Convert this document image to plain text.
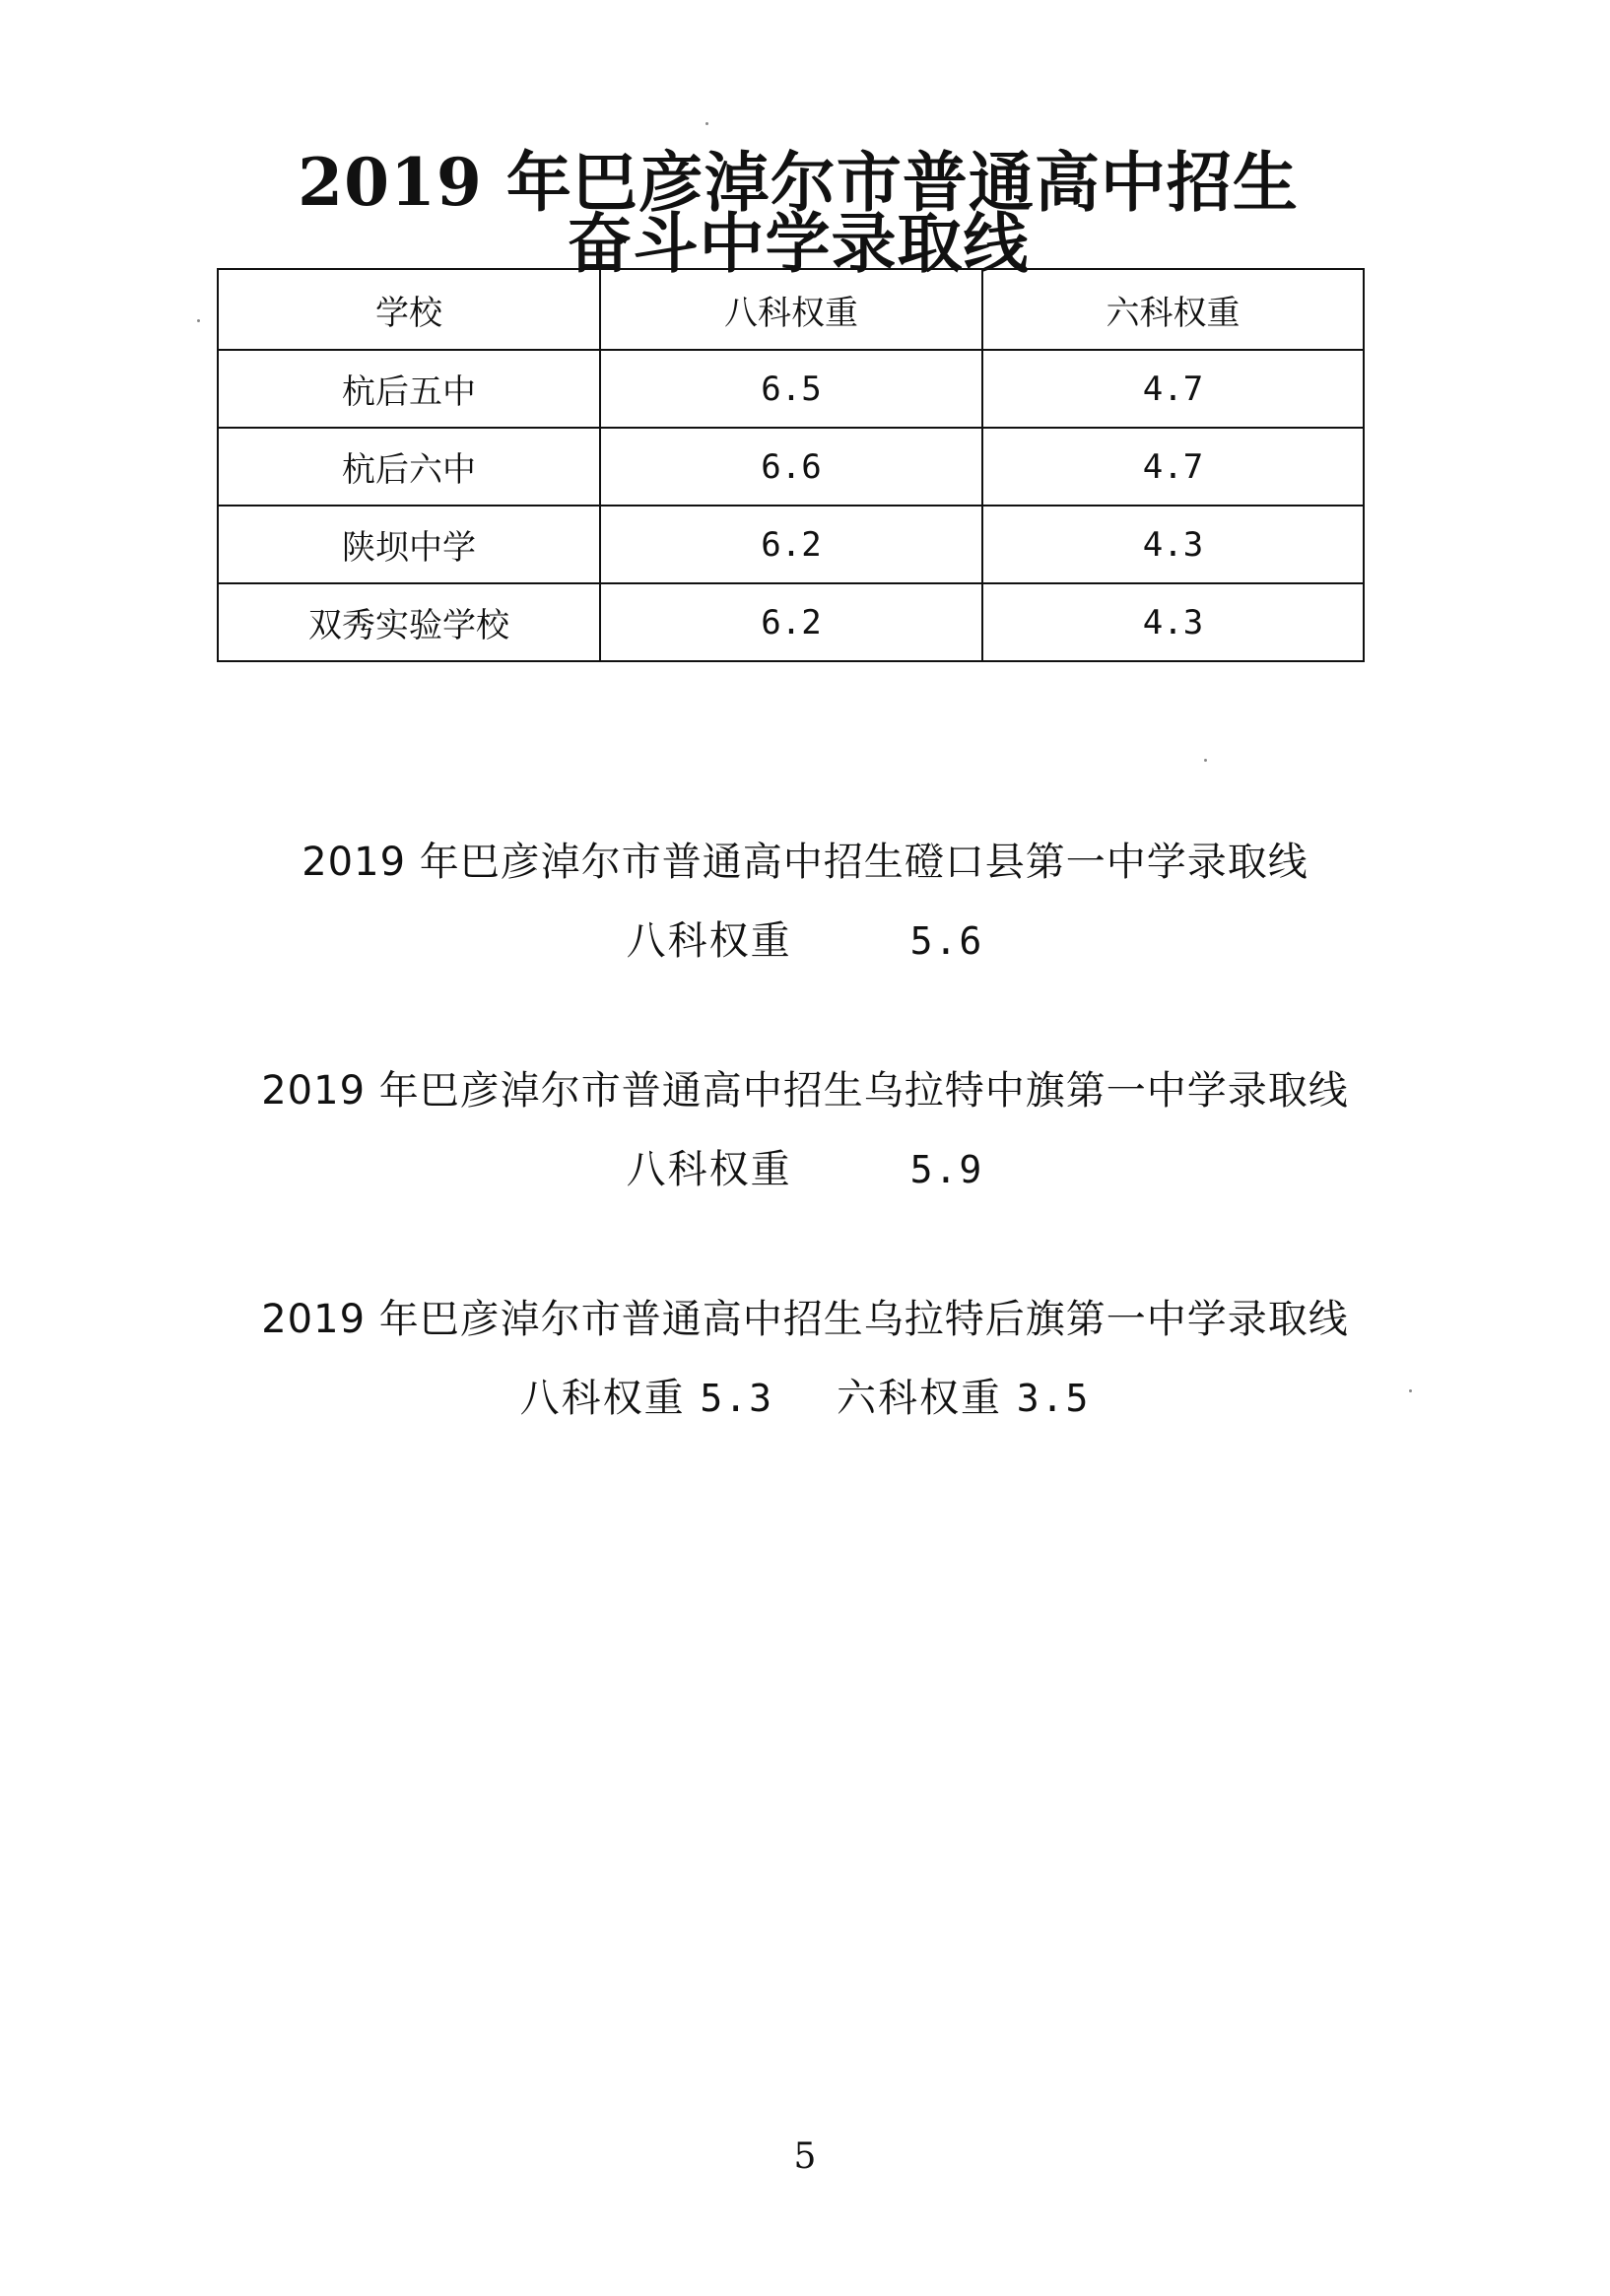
2019 年巴彦淖尔市普通高中招生
奋斗中学录取线
学校	八科权重	六科权重
杭后五中	6.5	4.7
杭后六中	6.6	4.7
陕坝中学	6.2	4.3
双秀实验学校	6.2	4.3
2019 年巴彦淖尔市普通高中招生磴口县第一中学录取线
八科权重	5.6
2019 年巴彦淖尔市普通高中招生乌拉特中旗第一中学录取线
八科权重	5.9
2019 年巴彦淖尔市普通高中招生乌拉特后旗第一中学录取线
八科权重 5.3 六科权重 3.5
5
